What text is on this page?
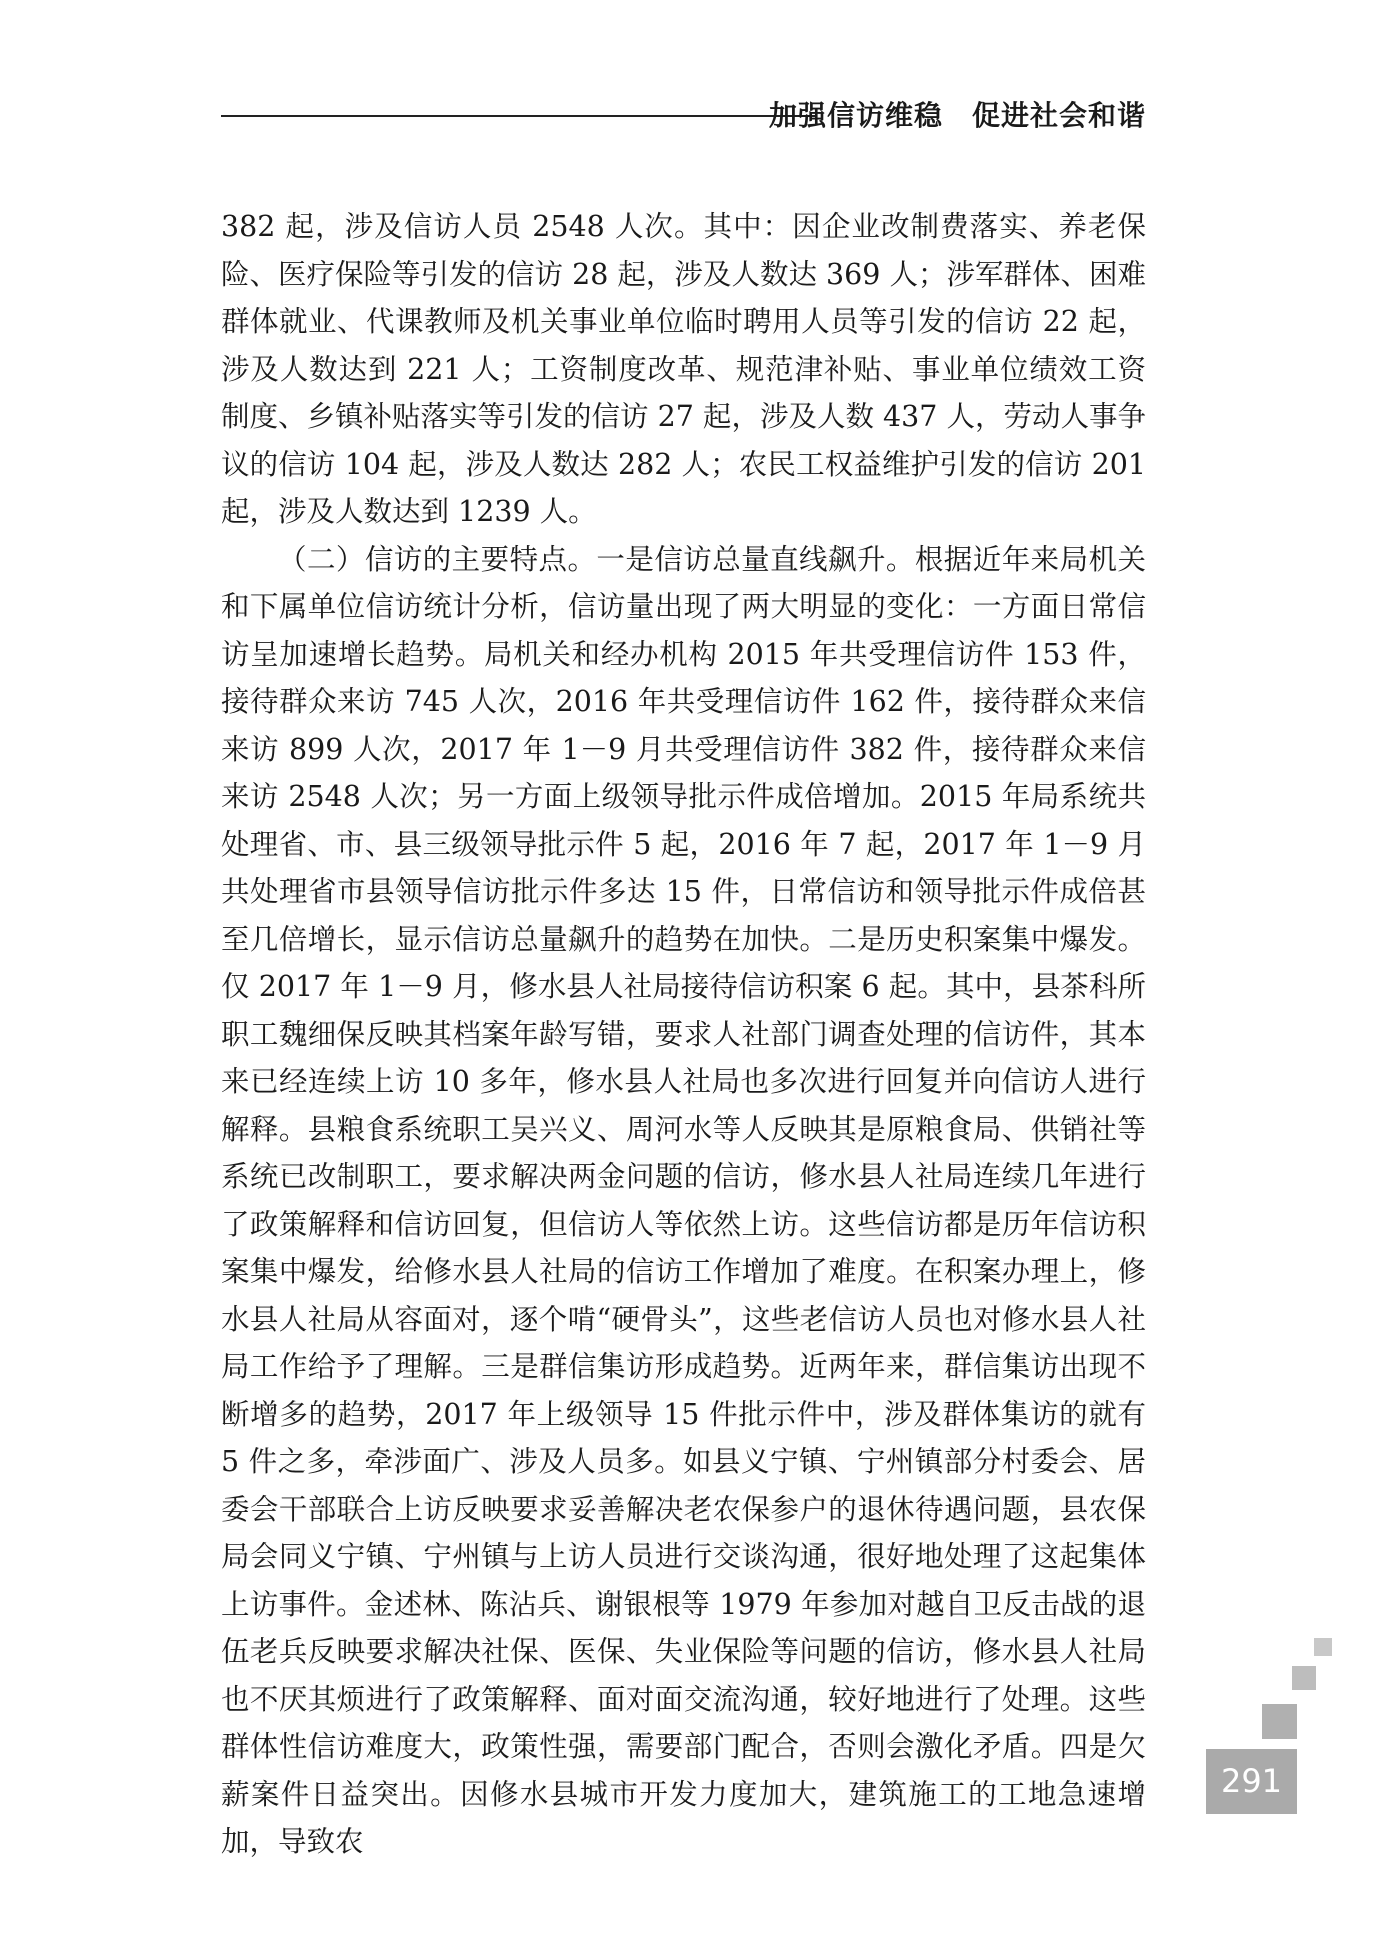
加强信访维稳　促进社会和谐

382 起，涉及信访人员 2548 人次。其中：因企业改制费落实、养老保险、医疗保险等引发的信访 28 起，涉及人数达 369 人；涉军群体、困难群体就业、代课教师及机关事业单位临时聘用人员等引发的信访 22 起，涉及人数达到 221 人；工资制度改革、规范津补贴、事业单位绩效工资制度、乡镇补贴落实等引发的信访 27 起，涉及人数 437 人，劳动人事争议的信访 104 起，涉及人数达 282 人；农民工权益维护引发的信访 201 起，涉及人数达到 1239 人。

（二）信访的主要特点。一是信访总量直线飙升。根据近年来局机关和下属单位信访统计分析，信访量出现了两大明显的变化：一方面日常信访呈加速增长趋势。局机关和经办机构 2015 年共受理信访件 153 件，接待群众来访 745 人次，2016 年共受理信访件 162 件，接待群众来信来访 899 人次，2017 年 1－9 月共受理信访件 382 件，接待群众来信来访 2548 人次；另一方面上级领导批示件成倍增加。2015 年局系统共处理省、市、县三级领导批示件 5 起，2016 年 7 起，2017 年 1－9 月共处理省市县领导信访批示件多达 15 件，日常信访和领导批示件成倍甚至几倍增长，显示信访总量飙升的趋势在加快。二是历史积案集中爆发。仅 2017 年 1－9 月，修水县人社局接待信访积案 6 起。其中，县茶科所职工魏细保反映其档案年龄写错，要求人社部门调查处理的信访件，其本来已经连续上访 10 多年，修水县人社局也多次进行回复并向信访人进行解释。县粮食系统职工吴兴义、周河水等人反映其是原粮食局、供销社等系统已改制职工，要求解决两金问题的信访，修水县人社局连续几年进行了政策解释和信访回复，但信访人等依然上访。这些信访都是历年信访积案集中爆发，给修水县人社局的信访工作增加了难度。在积案办理上，修水县人社局从容面对，逐个啃“硬骨头”，这些老信访人员也对修水县人社局工作给予了理解。三是群信集访形成趋势。近两年来，群信集访出现不断增多的趋势，2017 年上级领导 15 件批示件中，涉及群体集访的就有 5 件之多，牵涉面广、涉及人员多。如县义宁镇、宁州镇部分村委会、居委会干部联合上访反映要求妥善解决老农保参户的退休待遇问题，县农保局会同义宁镇、宁州镇与上访人员进行交谈沟通，很好地处理了这起集体上访事件。金述林、陈沾兵、谢银根等 1979 年参加对越自卫反击战的退伍老兵反映要求解决社保、医保、失业保险等问题的信访，修水县人社局也不厌其烦进行了政策解释、面对面交流沟通，较好地进行了处理。这些群体性信访难度大，政策性强，需要部门配合，否则会激化矛盾。四是欠薪案件日益突出。因修水县城市开发力度加大，建筑施工的工地急速增加，导致农

291
